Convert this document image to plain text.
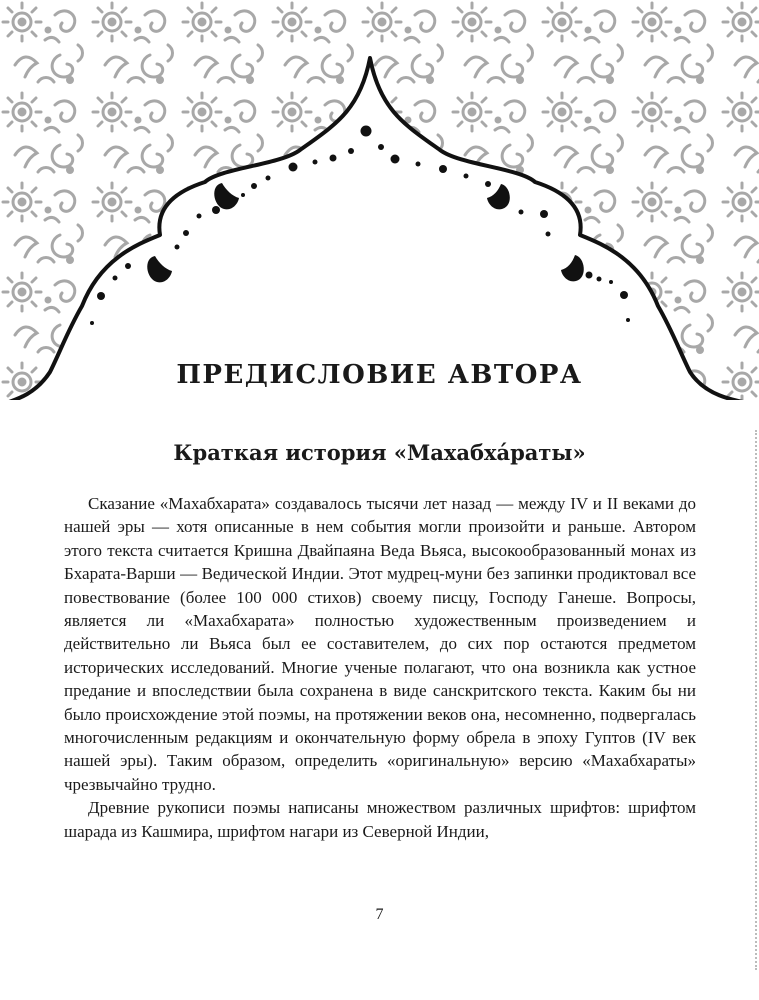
ПРЕДИСЛОВИЕ АВТОРА
Краткая история «Махабха́раты»

Сказание «Махабхарата» создавалось тысячи лет назад — между IV и II веками до нашей эры — хотя описанные в нем события могли произойти и раньше. Автором этого текста считается Кришна Двайпаяна Веда Вьяса, высокообразованный монах из Бхарата-Варши — Ведической Индии. Этот мудрец-муни без запинки продиктовал все повествование (более 100 000 стихов) своему писцу, Господу Ганеше. Вопросы, является ли «Махабхарата» полностью художественным произведением и действительно ли Вьяса был ее составителем, до сих пор остаются предметом исторических исследований. Многие ученые полагают, что она возникла как устное предание и впоследствии была сохранена в виде санскритского текста. Каким бы ни было происхождение этой поэмы, на протяжении веков она, несомненно, подвергалась многочисленным редакциям и окончательную форму обрела в эпоху Гуптов (IV век нашей эры). Таким образом, определить «оригинальную» версию «Махабхараты» чрезвычайно трудно.

Древние рукописи поэмы написаны множеством различных шрифтов: шрифтом шарада из Кашмира, шрифтом нагари из Северной Индии,

7
